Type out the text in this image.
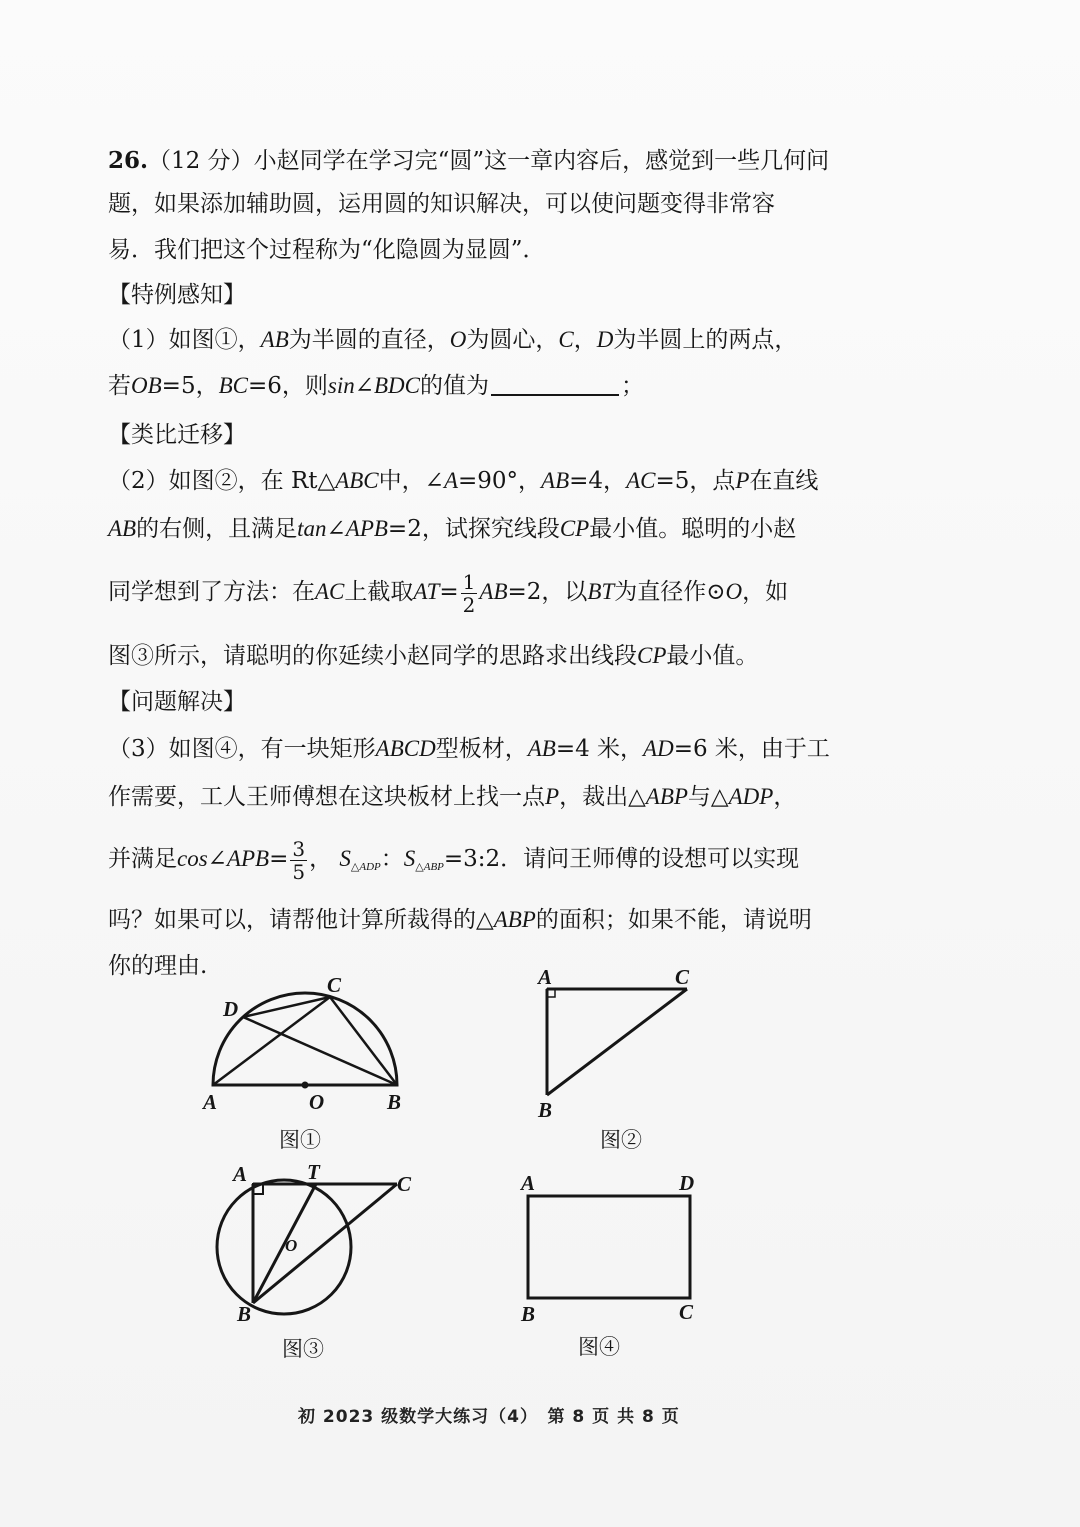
26.（12 分）小赵同学在学习完“圆”这一章内容后，感觉到一些几何问
题，如果添加辅助圆，运用圆的知识解决，可以使问题变得非常容
易．我们把这个过程称为“化隐圆为显圆”．
【特例感知】
（1）如图①，AB为半圆的直径，O为圆心，C，D为半圆上的两点，
若OB=5，BC=6，则sin∠BDC的值为	；
【类比迁移】
（2）如图②，在 Rt△ABC中，∠A=90°，AB=4，AC=5，点P在直线
AB的右侧，且满足tan∠APB=2，试探究线段CP最小值。聪明的小赵
同学想到了方法：在AC上截取$AT= \frac{1}{2} AB=2$，以BT为直径作⊙O，如
图③所示，请聪明的你延续小赵同学的思路求出线段CP最小值。
【问题解决】
（3）如图④，有一块矩形ABCD型板材，AB=4 米，AD=6 米，由于工
作需要，工人王师傅想在这块板材上找一点P，裁出△ABP与△ADP，
并满足cos∠APB= $\frac{3}{5}$ ， $S_{\triangle ADP}$：$S_{\triangle ABP}=3:2$．请问王师傅的设想可以实现
吗？如果可以，请帮他计算所裁得的△ABP的面积；如果不能，请说明
你的理由.
A	O	B
C
D
图①
A	C
B
图②
A	T	C
O
B
图③
A	D
B	C
图④
初 2023 级数学大练习（4）　第 8 页 共 8 页
